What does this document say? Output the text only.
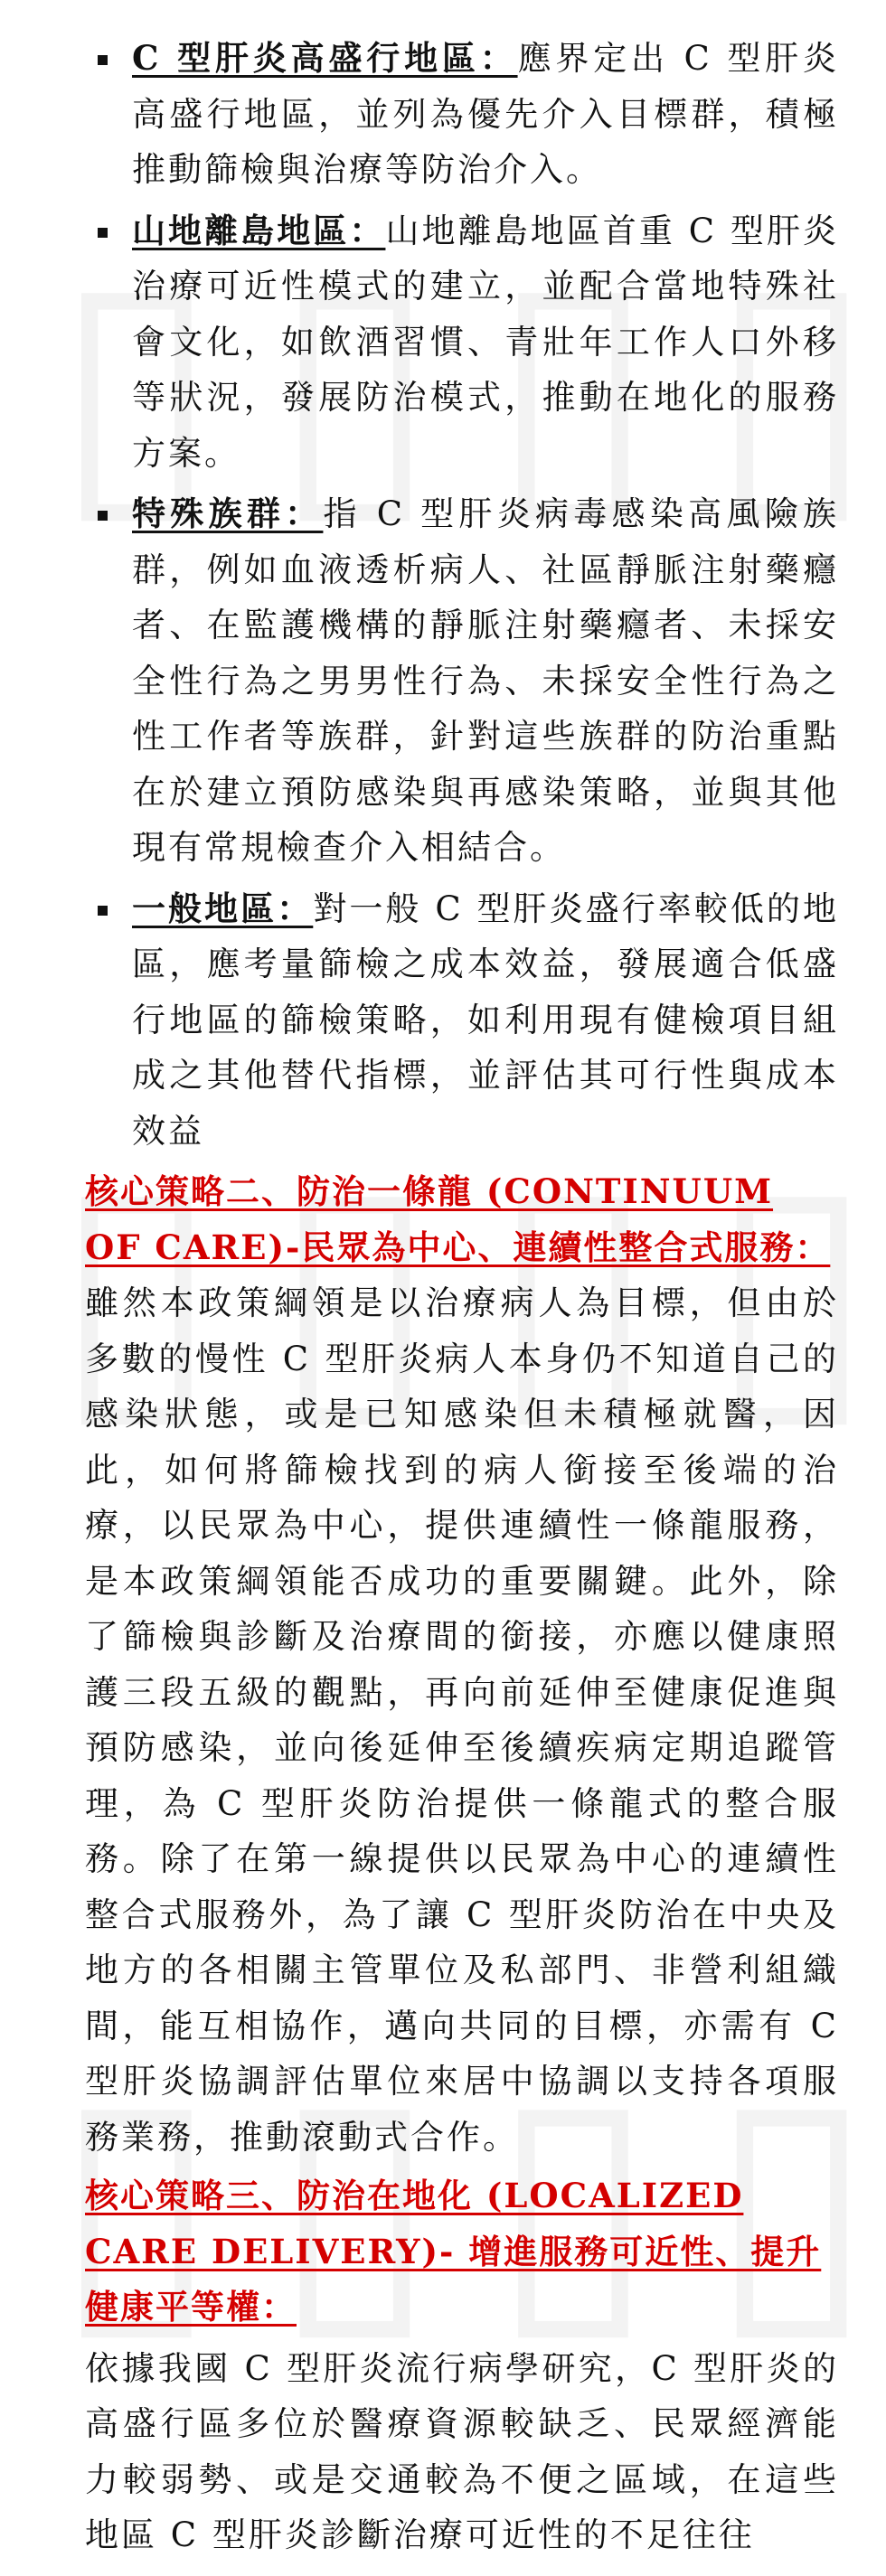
C 型肝炎高盛行地區：應界定出 C 型肝炎高盛行地區，並列為優先介入目標群，積極推動篩檢與治療等防治介入。

山地離島地區：山地離島地區首重 C 型肝炎治療可近性模式的建立，並配合當地特殊社會文化，如飲酒習慣、青壯年工作人口外移等狀況，發展防治模式，推動在地化的服務方案。

特殊族群：指 C 型肝炎病毒感染高風險族群，例如血液透析病人、社區靜脈注射藥癮者、在監護機構的靜脈注射藥癮者、未採安全性行為之男男性行為、未採安全性行為之性工作者等族群，針對這些族群的防治重點在於建立預防感染與再感染策略，並與其他現有常規檢查介入相結合。

一般地區：對一般 C 型肝炎盛行率較低的地區，應考量篩檢之成本效益，發展適合低盛行地區的篩檢策略，如利用現有健檢項目組成之其他替代指標，並評估其可行性與成本效益

核心策略二、防治一條龍 (CONTINUUM OF CARE)-民眾為中心、連續性整合式服務：

雖然本政策綱領是以治療病人為目標，但由於多數的慢性 C 型肝炎病人本身仍不知道自己的感染狀態，或是已知感染但未積極就醫，因此，如何將篩檢找到的病人銜接至後端的治療，以民眾為中心，提供連續性一條龍服務，是本政策綱領能否成功的重要關鍵。此外，除了篩檢與診斷及治療間的銜接，亦應以健康照護三段五級的觀點，再向前延伸至健康促進與預防感染，並向後延伸至後續疾病定期追蹤管理，為 C 型肝炎防治提供一條龍式的整合服務。除了在第一線提供以民眾為中心的連續性整合式服務外，為了讓 C 型肝炎防治在中央及地方的各相關主管單位及私部門、非營利組織間，能互相協作，邁向共同的目標，亦需有 C 型肝炎協調評估單位來居中協調以支持各項服務業務，推動滾動式合作。

核心策略三、防治在地化 (LOCALIZED CARE DELIVERY)- 增進服務可近性、提升健康平等權：

依據我國 C 型肝炎流行病學研究，C 型肝炎的高盛行區多位於醫療資源較缺乏、民眾經濟能力較弱勢、或是交通較為不便之區域，在這些地區 C 型肝炎診斷治療可近性的不足往往
